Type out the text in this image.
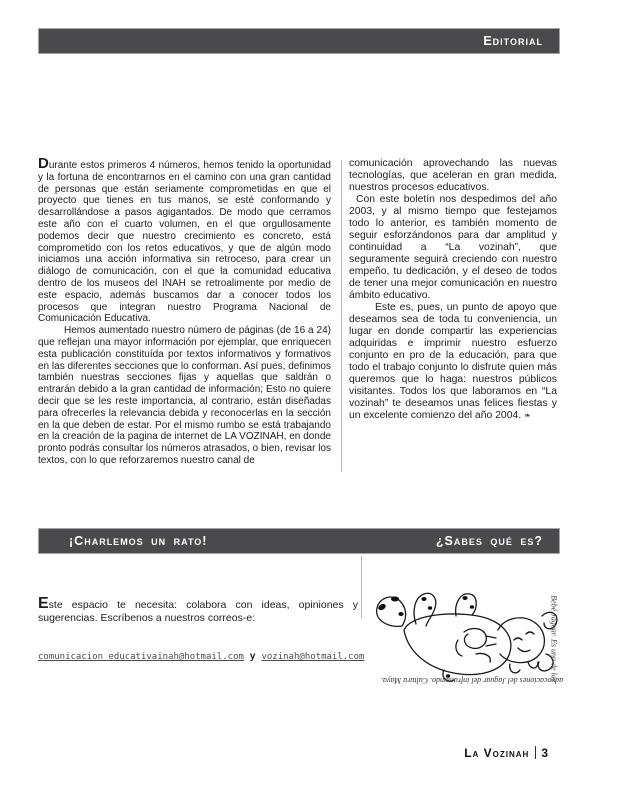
Editorial

Durante estos primeros 4 números, hemos tenido la oportunidad y la fortuna de encontrarnos en el camino con una gran cantidad de personas que están seriamente comprometidas en que el proyecto que tienes en tus manos, se esté conformando y desarrollándose a pasos agigantados. De modo que cerramos este año con el cuarto volumen, en el que orgullosamente podemos decir que nuestro crecimiento es concreto, está comprometido con los retos educativos, y que de algún modo iniciamos una acción informativa sin retroceso, para crear un diálogo de comunicación, con el que la comunidad educativa dentro de los museos del INAH se retroalimente por medio de este espacio, además buscamos dar a conocer todos los procesos que integran nuestro Programa Nacional de Comunicación Educativa.

Hemos aumentado nuestro número de páginas (de 16 a 24) que reflejan una mayor información por ejemplar, que enriquecen esta publicación constituída por textos informativos y formativos en las diferentes secciones que lo conforman. Así pues, definimos también nuestras secciones fijas y aquellas que saldrán o entrarán debido a la gran cantidad de información; Esto no quiere decir que se les reste importancia, al contrario, están diseñadas para ofrecerles la relevancia debida y reconocerlas en la sección en la que deben de estar. Por el mismo rumbo se está trabajando en la creación de la pagina de internet de LA VOZINAH, en donde pronto podrás consultar los números atrasados, o bien, revisar los textos, con lo que reforzaremos nuestro canal de

comunicación aprovechando las nuevas tecnologías, que aceleran en gran medida, nuestros procesos educativos.

Con este boletín nos despedimos del año 2003, y al mismo tiempo que festejamos todo lo anterior, es también momento de seguir esforzándonos para dar amplitud y continuidad a “La vozinah”, que seguramente seguirá creciendo con nuestro empeño, tu dedicación, y el deseo de todos de tener una mejor comunicación en nuestro ámbito educativo.

Este es, pues, un punto de apoyo que deseamos sea de toda tu conveniencia, un lugar en donde compartir las experiencias adquiridas e imprimir nuestro esfuerzo conjunto en pro de la educación, para que todo el trabajo conjunto lo disfrute quien más queremos que lo haga: nuestros públicos visitantes. Todos los que laboramos en “La vozinah” te deseamos unas felices fiestas y un excelente comienzo del año 2004. ❧

¡Charlemos un rato!	¿Sabes qué es?

Este espacio te necesita: colabora con ideas, opiniones y sugerencias. Escríbenos a nuestros correos-e:

comunicacion_educativainah@hotmail.com y vozinah@hotmail.com	Bebé Jaguar. Es una de las
advocaciones del Jaguar del inframundo. Cultura Maya.
La Vozinah 3
